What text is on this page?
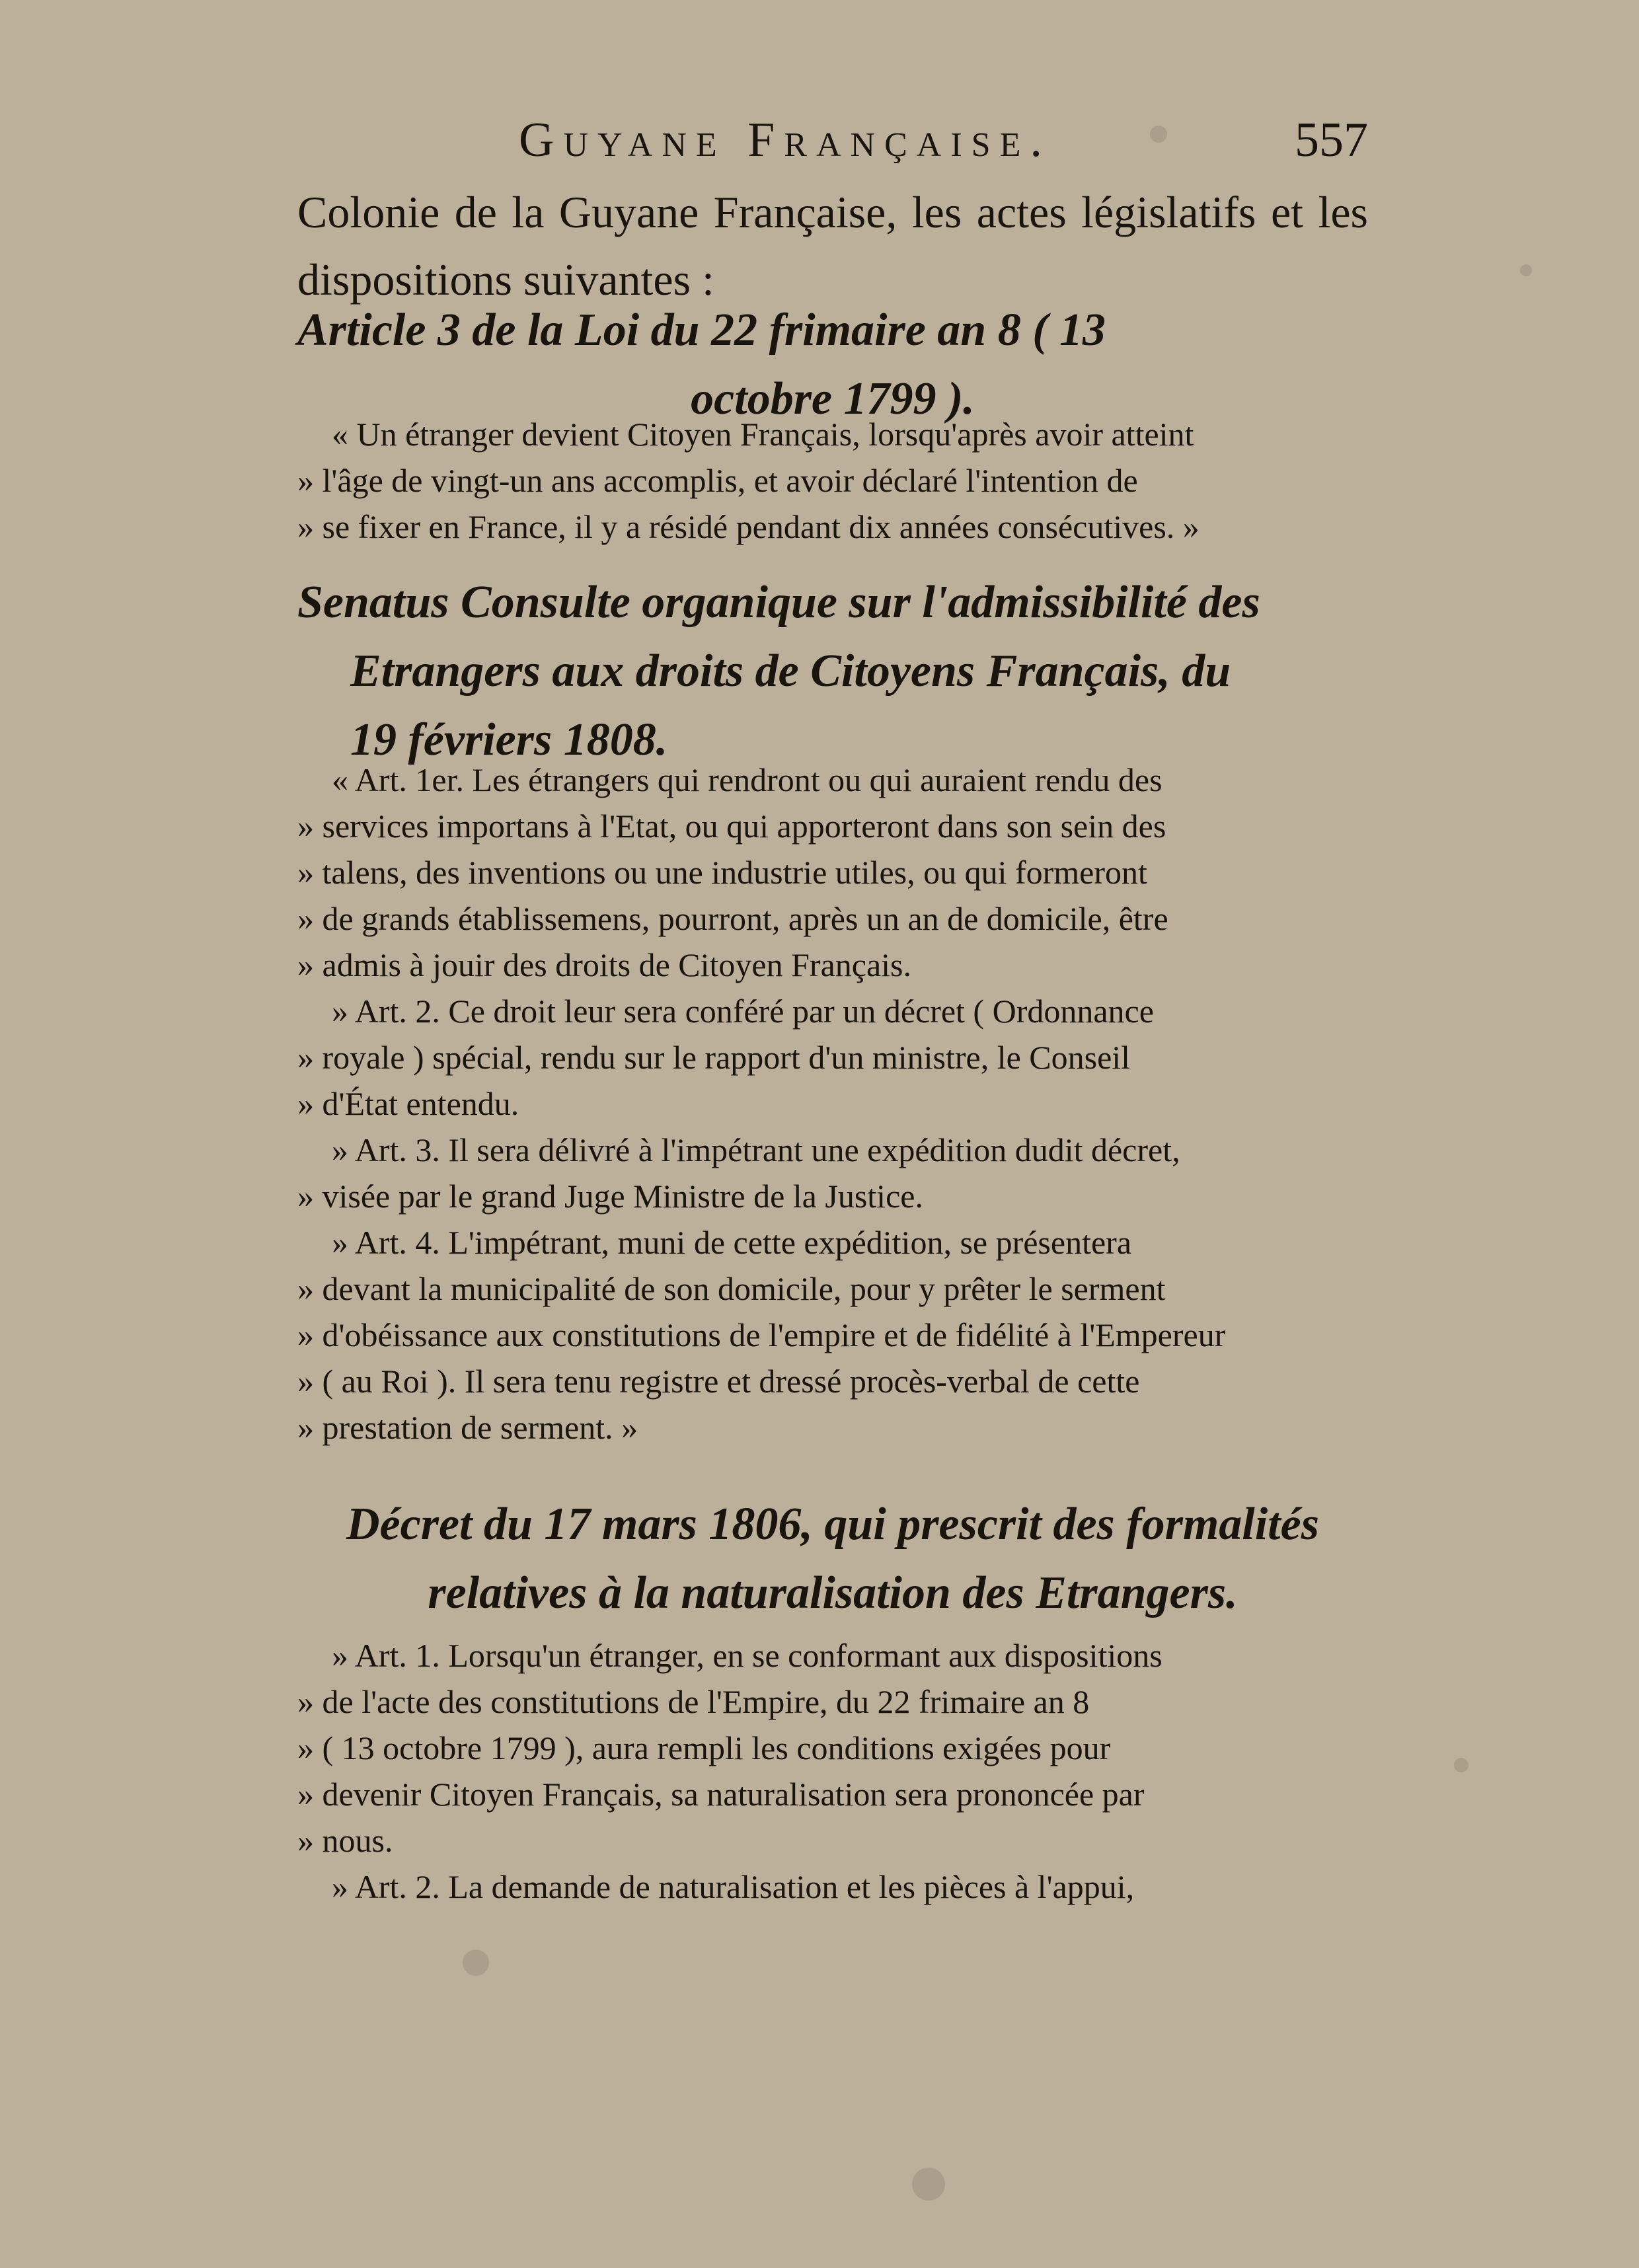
Guyane Française.	557
Colonie de la Guyane Française, les actes législatifs et les dispositions suivantes :
Article 3 de la Loi du 22 frimaire an 8 ( 13
octobre 1799 ).
« Un étranger devient Citoyen Français, lorsqu'après avoir atteint
» l'âge de vingt-un ans accomplis, et avoir déclaré l'intention de
» se fixer en France, il y a résidé pendant dix années consécutives. »
Senatus Consulte organique sur l'admissibilité des
Etrangers aux droits de Citoyens Français, du
19 févriers 1808.
« Art. 1er. Les étrangers qui rendront ou qui auraient rendu des
» services importans à l'Etat, ou qui apporteront dans son sein des
» talens, des inventions ou une industrie utiles, ou qui formeront
» de grands établissemens, pourront, après un an de domicile, être
» admis à jouir des droits de Citoyen Français.
» Art. 2. Ce droit leur sera conféré par un décret ( Ordonnance
» royale ) spécial, rendu sur le rapport d'un ministre, le Conseil
» d'État entendu.
» Art. 3. Il sera délivré à l'impétrant une expédition dudit décret,
» visée par le grand Juge Ministre de la Justice.
» Art. 4. L'impétrant, muni de cette expédition, se présentera
» devant la municipalité de son domicile, pour y prêter le serment
» d'obéissance aux constitutions de l'empire et de fidélité à l'Empereur
» ( au Roi ). Il sera tenu registre et dressé procès-verbal de cette
» prestation de serment. »
Décret du 17 mars 1806, qui prescrit des formalités
relatives à la naturalisation des Etrangers.
» Art. 1. Lorsqu'un étranger, en se conformant aux dispositions
» de l'acte des constitutions de l'Empire, du 22 frimaire an 8
» ( 13 octobre 1799 ), aura rempli les conditions exigées pour
» devenir Citoyen Français, sa naturalisation sera prononcée par
» nous.
» Art. 2. La demande de naturalisation et les pièces à l'appui,
